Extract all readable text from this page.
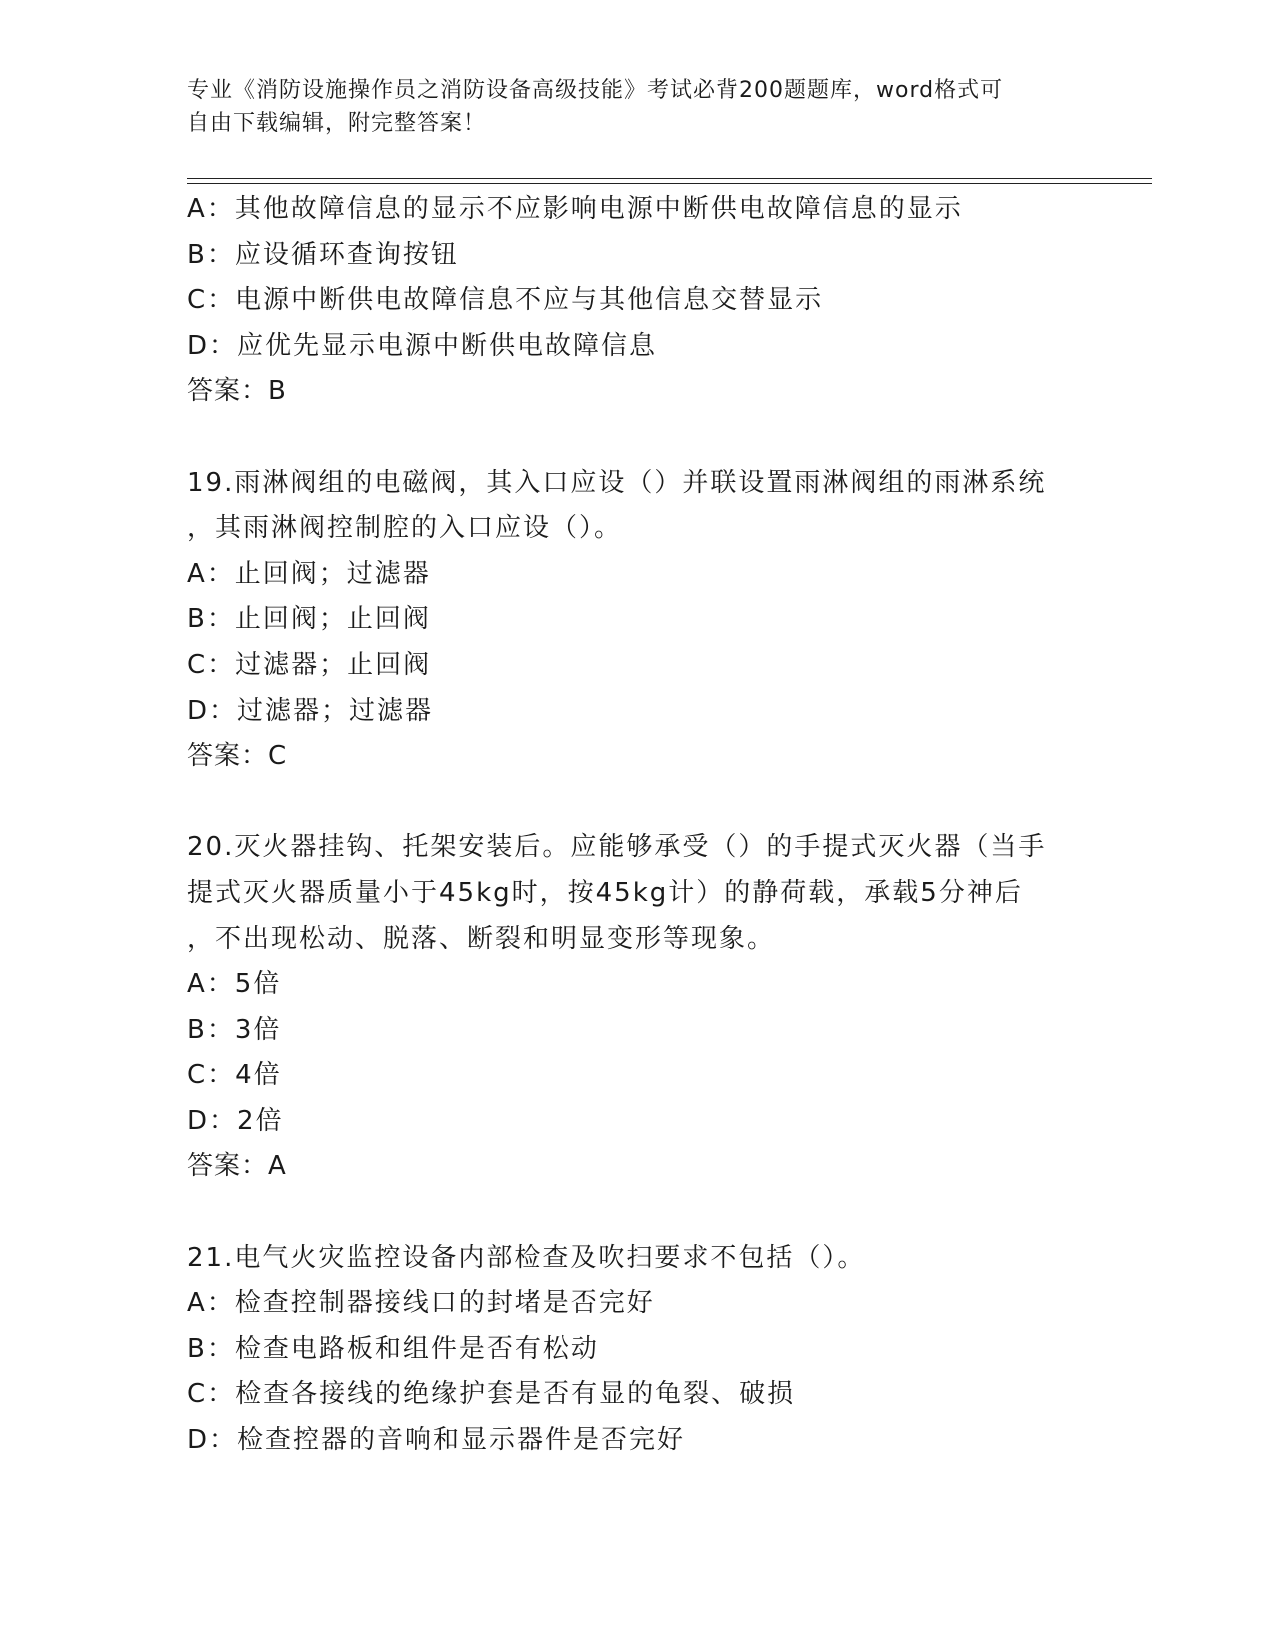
专业《消防设施操作员之消防设备高级技能》考试必背200题题库，word格式可
自由下载编辑，附完整答案！
A：其他故障信息的显示不应影响电源中断供电故障信息的显示
B：应设循环查询按钮
C：电源中断供电故障信息不应与其他信息交替显示
D：应优先显示电源中断供电故障信息
答案：B
19.雨淋阀组的电磁阀，其入口应设（）并联设置雨淋阀组的雨淋系统
，其雨淋阀控制腔的入口应设（）。
A：止回阀；过滤器
B：止回阀；止回阀
C：过滤器；止回阀
D：过滤器；过滤器
答案：C
20.灭火器挂钩、托架安装后。应能够承受（）的手提式灭火器（当手
提式灭火器质量小于45kg时，按45kg计）的静荷载，承载5分神后
，不出现松动、脱落、断裂和明显变形等现象。
A：5倍
B：3倍
C：4倍
D：2倍
答案：A
21.电气火灾监控设备内部检查及吹扫要求不包括（）。
A：检查控制器接线口的封堵是否完好
B：检查电路板和组件是否有松动
C：检查各接线的绝缘护套是否有显的龟裂、破损
D：检查控器的音响和显示器件是否完好
